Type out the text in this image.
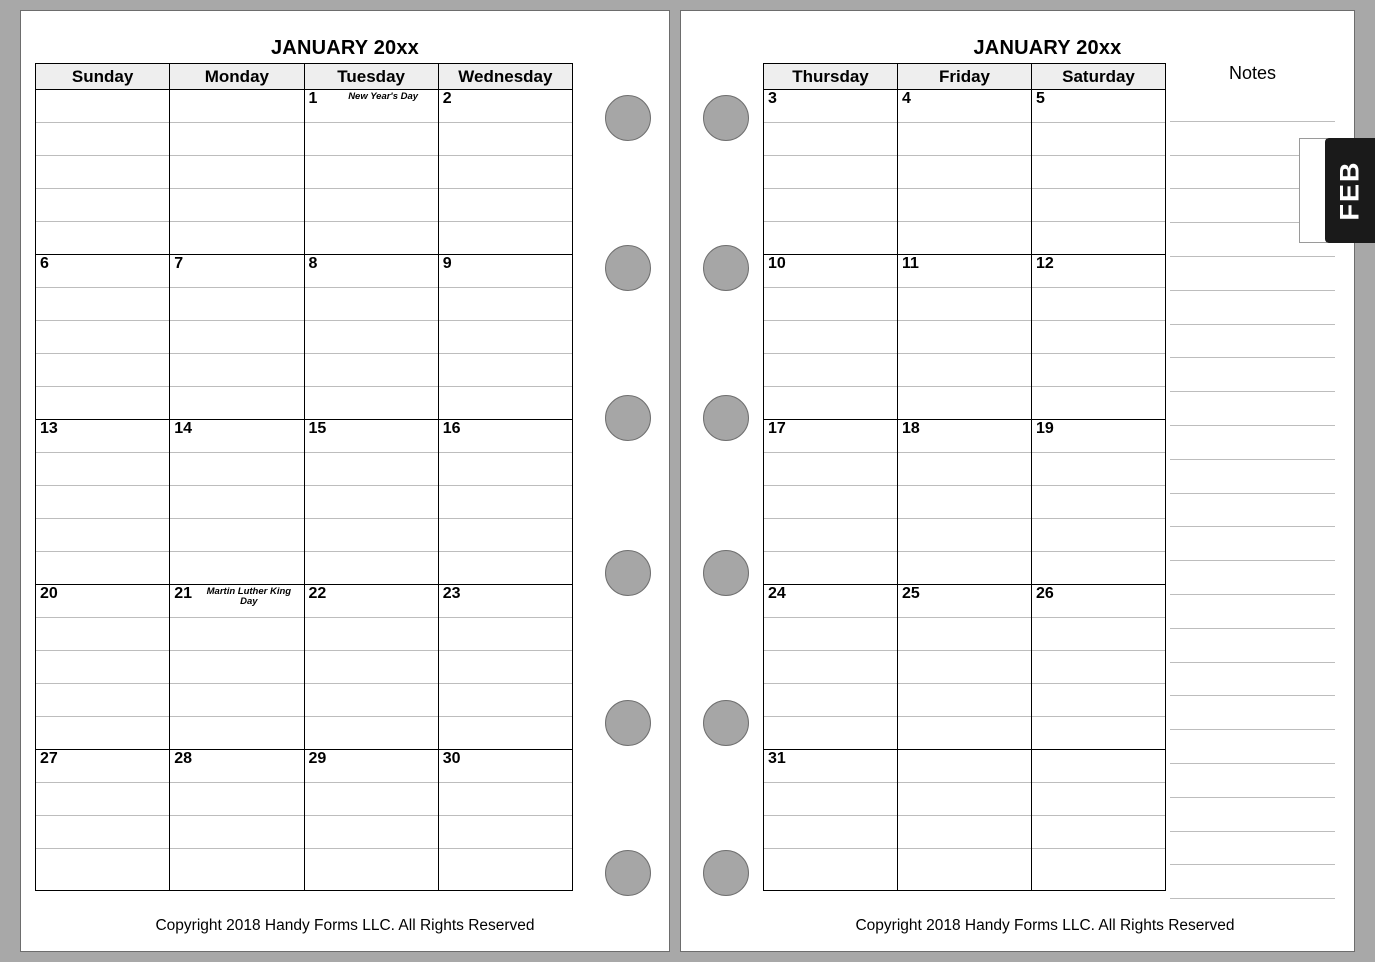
JANUARY 20xx
Sunday	Monday	Tuesday	Wednesday

		1 New Year's Day	2

6	7	8	9

13	14	15	16

20	21 Martin Luther King Day	22	23

27	28	29	30
Copyright 2018 Handy Forms LLC. All Rights Reserved
JANUARY 20xx
Thursday	Friday	Saturday

3	4	5

10	11	12

17	18	19

24	25	26

31		

Notes
Copyright 2018 Handy Forms LLC. All Rights Reserved
FEB
